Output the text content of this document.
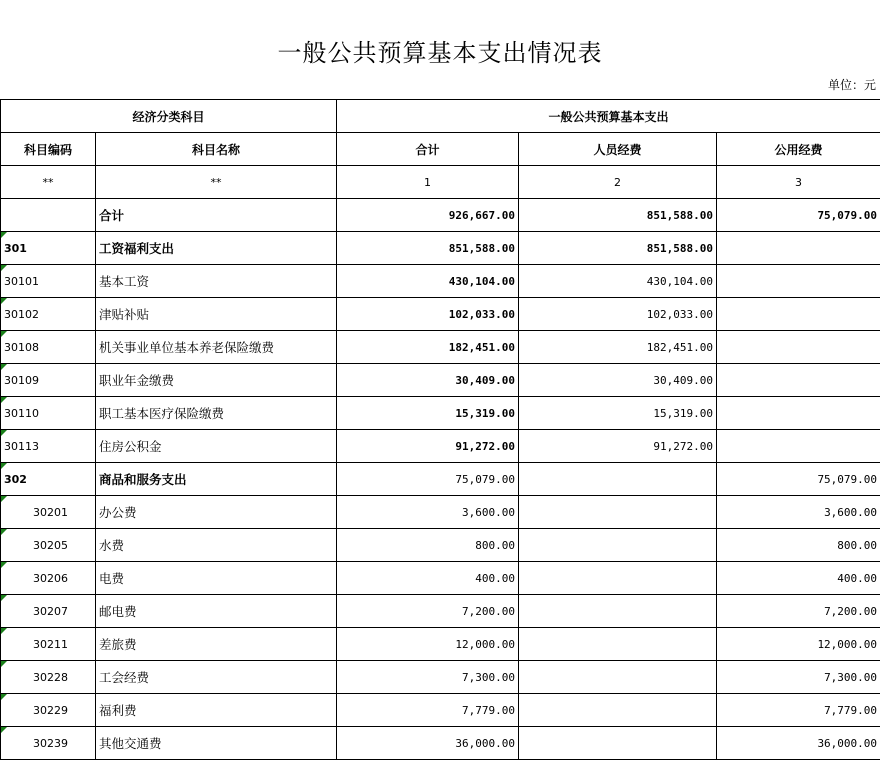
一般公共预算基本支出情况表
单位：元
经济分类科目		一般公共预算基本支出		
科目编码	科目名称	合计	人员经费	公用经费
**	**	1	2	3
	合计	926,667.00	851,588.00	75,079.00
301	工资福利支出	851,588.00	851,588.00	
30101	基本工资	430,104.00	430,104.00	
30102	津贴补贴	102,033.00	102,033.00	
30108	机关事业单位基本养老保险缴费	182,451.00	182,451.00	
30109	职业年金缴费	30,409.00	30,409.00	
30110	职工基本医疗保险缴费	15,319.00	15,319.00	
30113	住房公积金	91,272.00	91,272.00	
302	商品和服务支出	75,079.00		75,079.00
30201	办公费	3,600.00		3,600.00
30205	水费	800.00		800.00
30206	电费	400.00		400.00
30207	邮电费	7,200.00		7,200.00
30211	差旅费	12,000.00		12,000.00
30228	工会经费	7,300.00		7,300.00
30229	福利费	7,779.00		7,779.00
30239	其他交通费	36,000.00		36,000.00
